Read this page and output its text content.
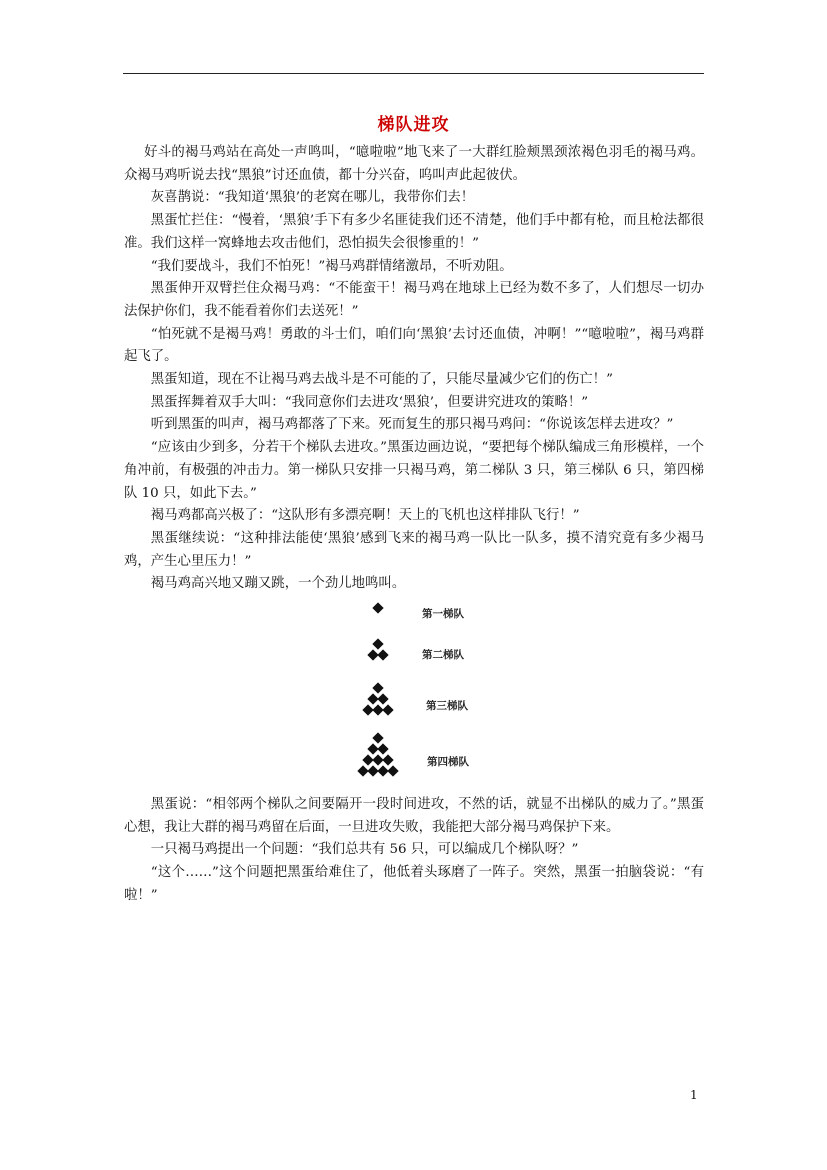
梯队进攻

好斗的褐马鸡站在高处一声鸣叫，“噫啦啦”地飞来了一大群红脸颊黑颈浓褐色羽毛的褐马鸡。众褐马鸡听说去找“黑狼”讨还血债，都十分兴奋，呜叫声此起彼伏。

灰喜鹊说：“我知道‘黑狼’的老窝在哪儿，我带你们去！

黑蛋忙拦住：“慢着，‘黑狼’手下有多少名匪徒我们还不清楚，他们手中都有枪，而且枪法都很准。我们这样一窝蜂地去攻击他们，恐怕损失会很惨重的！”

“我们要战斗，我们不怕死！”褐马鸡群情绪激昂，不听劝阻。

黑蛋伸开双臂拦住众褐马鸡：“不能蛮干！褐马鸡在地球上已经为数不多了，人们想尽一切办法保护你们，我不能看着你们去送死！”

“怕死就不是褐马鸡！勇敢的斗士们，咱们向‘黑狼’去讨还血债，冲啊！”“噫啦啦”，褐马鸡群起飞了。

黑蛋知道，现在不让褐马鸡去战斗是不可能的了，只能尽量减少它们的伤亡！”

黑蛋挥舞着双手大叫：“我同意你们去进攻‘黑狼’，但要讲究进攻的策略！”

听到黑蛋的叫声，褐马鸡都落了下来。死而复生的那只褐马鸡问：“你说该怎样去进攻？”

“应该由少到多，分若干个梯队去进攻。”黑蛋边画边说，“要把每个梯队编成三角形模样，一个角冲前，有极强的冲击力。第一梯队只安排一只褐马鸡，第二梯队 3 只，第三梯队 6 只，第四梯队 10 只，如此下去。”

褐马鸡都高兴极了：“这队形有多漂亮啊！天上的飞机也这样排队飞行！”

黑蛋继续说：“这种排法能使‘黑狼’感到飞来的褐马鸡一队比一队多，摸不清究竟有多少褐马鸡，产生心里压力！”

褐马鸡高兴地又蹦又跳，一个劲儿地鸣叫。

第一梯队
第二梯队
第三梯队
第四梯队

黑蛋说：“相邻两个梯队之间要隔开一段时间进攻，不然的话，就显不出梯队的威力了。”黑蛋心想，我让大群的褐马鸡留在后面，一旦进攻失败，我能把大部分褐马鸡保护下来。

一只褐马鸡提出一个问题：“我们总共有 56 只，可以编成几个梯队呀？”

“这个……”这个问题把黑蛋给难住了，他低着头琢磨了一阵子。突然，黑蛋一拍脑袋说：“有啦！”

1
